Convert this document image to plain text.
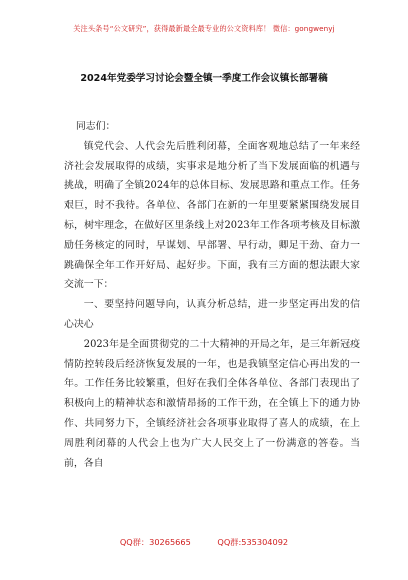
关注头条号“公文研究”，获得最新最全最专业的公文资料库！ 微信：gongwenyj
2024年党委学习讨论会暨全镇一季度工作会议镇长部署稿

同志们：

镇党代会、人代会先后胜利闭幕，全面客观地总结了一年来经济社会发展取得的成绩，实事求是地分析了当下发展面临的机遇与挑战，明确了全镇2024年的总体目标、发展思路和重点工作。任务艰巨，时不我待。各单位、各部门在新的一年里要紧紧围绕发展目标，树牢理念，在做好区里条线上对2023年工作各项考核及目标激励任务核定的同时，早谋划、早部署、早行动，卿足干劲、奋力一跳确保全年工作开好局、起好步。下面，我有三方面的想法跟大家交流一下：

一、要坚持问题导向，认真分析总结，进一步坚定再出发的信心决心

2023年是全面贯彻党的二十大精神的开局之年，是三年新冠疫情防控转段后经济恢复发展的一年，也是我镇坚定信心再出发的一年。工作任务比较繁重，但好在我们全体各单位、各部门表现出了积极向上的精神状态和激情昂扬的工作干劲，在全镇上下的通力协作、共同努力下，全镇经济社会各项事业取得了喜人的成绩，在上周胜利闭幕的人代会上也为广大人民交上了一份满意的答卷。当前，各自

QQ群：30265665	QQ群:535304092
